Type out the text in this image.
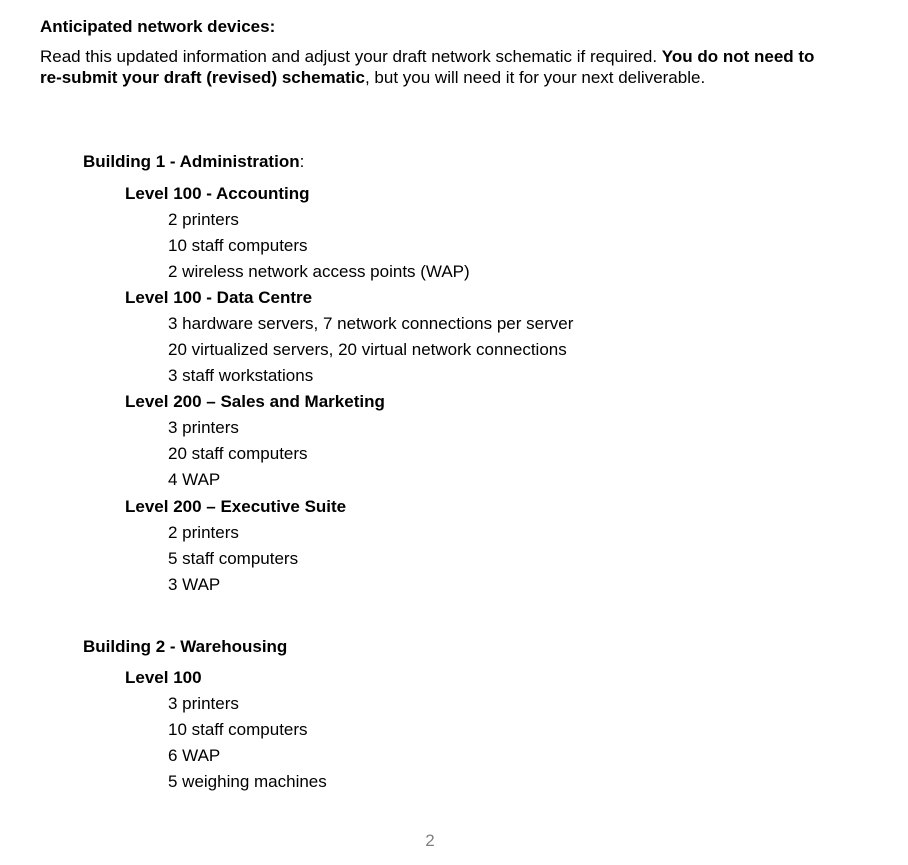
Anticipated network devices:
Read this updated information and adjust your draft network schematic if required. You do not need to re-submit your draft (revised) schematic, but you will need it for your next deliverable.
Building 1 - Administration:
Level 100 - Accounting
2 printers
10 staff computers
2 wireless network access points (WAP)
Level 100 - Data Centre
3 hardware servers, 7 network connections per server
20 virtualized servers, 20 virtual network connections
3 staff workstations
Level 200 – Sales and Marketing
3 printers
20 staff computers
4 WAP
Level 200 – Executive Suite
2 printers
5 staff computers
3 WAP
Building 2 - Warehousing
Level 100
3 printers
10 staff computers
6 WAP
5 weighing machines
2
